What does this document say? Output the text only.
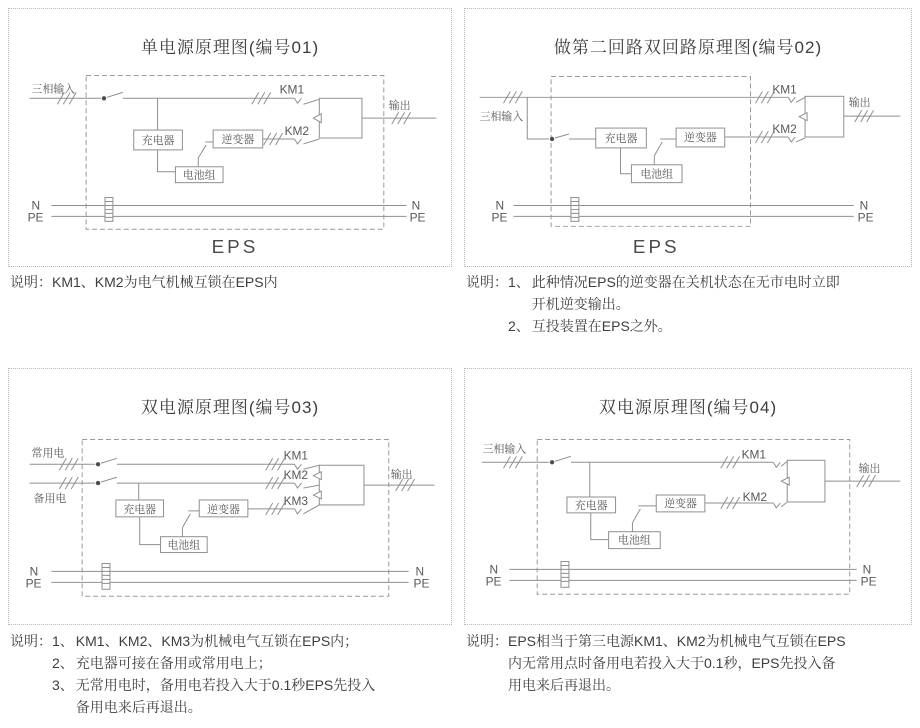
三相输入	KM1
KM2
充电器
电池组
逆变器
输出
N
PE
N
PE
EPS
单电源原理图(编号01)
说明： KM1、KM2为电气机械互锁在EPS内
三相输入
KM1
KM2
充电器
电池组
逆变器
输出
N
PE
N
PE
EPS
做第二回路双回路原理图(编号02)
说明： 1、 此种情况EPS的逆变器在关机状态在无市电时立即
开机逆变输出。
2、 互投装置在EPS之外。
常用电
备用电
KM1
KM2
KM3
充电器
电池组
逆变器
输出
N
PE
N
PE
双电源原理图(编号03)
说明： 1、 KM1、KM2、KM3为机械电气互锁在EPS内；
2、 充电器可接在备用或常用电上；
3、 无常用电时，备用电若投入大于0.1秒EPS先投入
备用电来后再退出。
三相输入	KM1
KM2
充电器
电池组
逆变器
输出
N
PE
N
PE
双电源原理图(编号04)
说明： EPS相当于第三电源KM1、KM2为机械电气互锁在EPS
内无常用点时备用电若投入大于0.1秒，EPS先投入备
用电来后再退出。
